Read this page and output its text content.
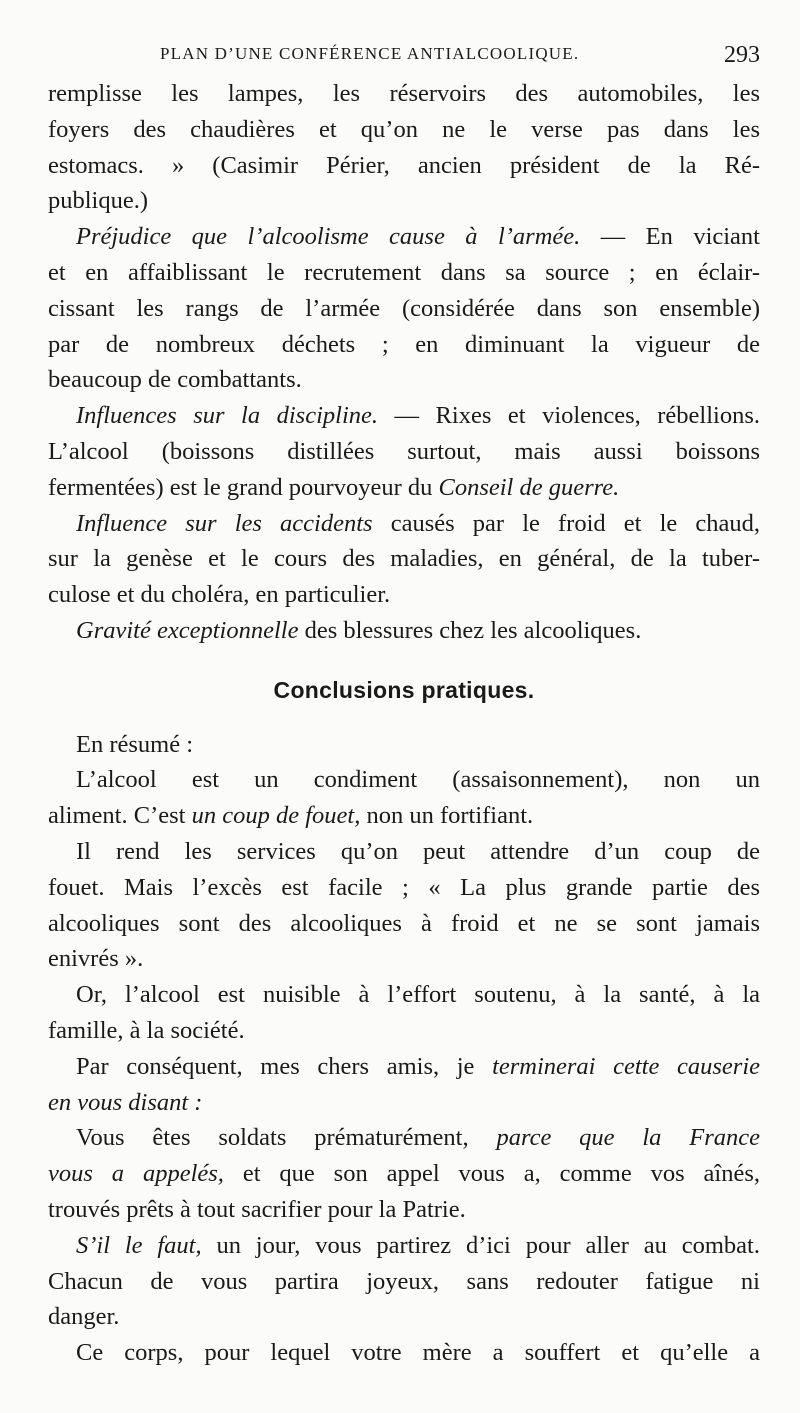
PLAN D’UNE CONFÉRENCE ANTIALCOOLIQUE.	293

remplisse les lampes, les réservoirs des automobiles, les
foyers des chaudières et qu’on ne le verse pas dans les
estomacs. » (Casimir Périer, ancien président de la Ré-
publique.)

Préjudice que l’alcoolisme cause à l’armée. — En viciant
et en affaiblissant le recrutement dans sa source ; en éclair-
cissant les rangs de l’armée (considérée dans son ensemble)
par de nombreux déchets ; en diminuant la vigueur de
beaucoup de combattants.

Influences sur la discipline. — Rixes et violences, rébellions.
L’alcool (boissons distillées surtout, mais aussi boissons
fermentées) est le grand pourvoyeur du Conseil de guerre.

Influence sur les accidents causés par le froid et le chaud,
sur la genèse et le cours des maladies, en général, de la tuber-
culose et du choléra, en particulier.

Gravité exceptionnelle des blessures chez les alcooliques.

Conclusions pratiques.

En résumé :

L’alcool est un condiment (assaisonnement), non un
aliment. C’est un coup de fouet, non un fortifiant.

Il rend les services qu’on peut attendre d’un coup de
fouet. Mais l’excès est facile ; « La plus grande partie des
alcooliques sont des alcooliques à froid et ne se sont jamais
enivrés ».

Or, l’alcool est nuisible à l’effort soutenu, à la santé, à la
famille, à la société.

Par conséquent, mes chers amis, je terminerai cette causerie
en vous disant :

Vous êtes soldats prématurément, parce que la France
vous a appelés, et que son appel vous a, comme vos aînés,
trouvés prêts à tout sacrifier pour la Patrie.

S’il le faut, un jour, vous partirez d’ici pour aller au combat.
Chacun de vous partira joyeux, sans redouter fatigue ni
danger.

Ce corps, pour lequel votre mère a souffert et qu’elle a
